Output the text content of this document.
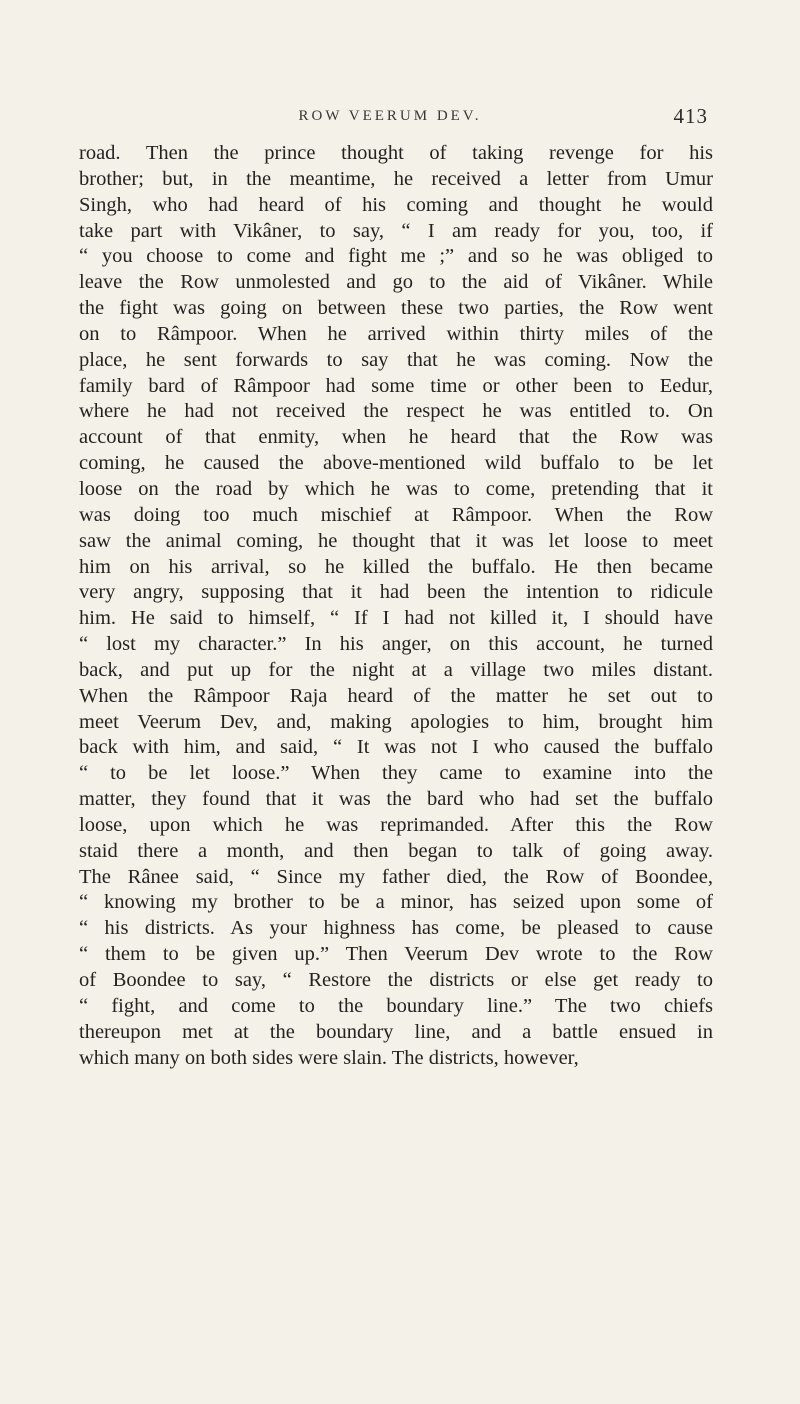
ROW VEERUM DEV.	413
road. Then the prince thought of taking revenge for his
brother; but, in the meantime, he received a letter from Umur
Singh, who had heard of his coming and thought he would
take part with Vikâner, to say, “ I am ready for you, too, if
“ you choose to come and fight me ;” and so he was obliged to
leave the Row unmolested and go to the aid of Vikâner. While
the fight was going on between these two parties, the Row went
on to Râmpoor. When he arrived within thirty miles of the
place, he sent forwards to say that he was coming. Now the
family bard of Râmpoor had some time or other been to Eedur,
where he had not received the respect he was entitled to. On
account of that enmity, when he heard that the Row was
coming, he caused the above-mentioned wild buffalo to be let
loose on the road by which he was to come, pretending that it
was doing too much mischief at Râmpoor. When the Row
saw the animal coming, he thought that it was let loose to meet
him on his arrival, so he killed the buffalo. He then became
very angry, supposing that it had been the intention to ridicule
him. He said to himself, “ If I had not killed it, I should have
“ lost my character.” In his anger, on this account, he turned
back, and put up for the night at a village two miles distant.
When the Râmpoor Raja heard of the matter he set out to
meet Veerum Dev, and, making apologies to him, brought him
back with him, and said, “ It was not I who caused the buffalo
“ to be let loose.” When they came to examine into the
matter, they found that it was the bard who had set the buffalo
loose, upon which he was reprimanded. After this the Row
staid there a month, and then began to talk of going away.
The Rânee said, “ Since my father died, the Row of Boondee,
“ knowing my brother to be a minor, has seized upon some of
“ his districts. As your highness has come, be pleased to cause
“ them to be given up.” Then Veerum Dev wrote to the Row
of Boondee to say, “ Restore the districts or else get ready to
“ fight, and come to the boundary line.” The two chiefs
thereupon met at the boundary line, and a battle ensued in
which many on both sides were slain. The districts, however,
